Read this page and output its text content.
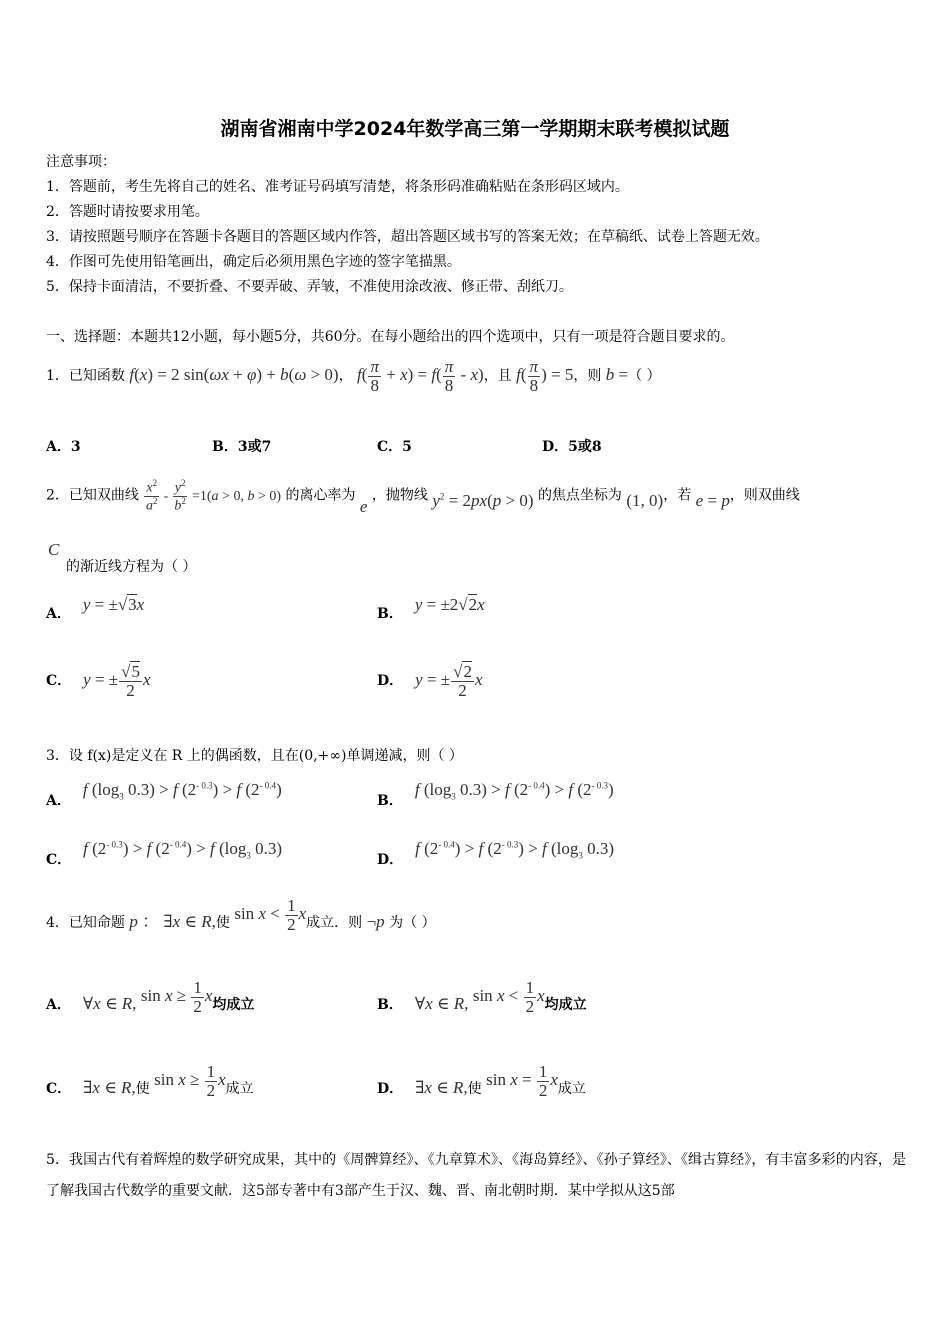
湖南省湘南中学2024年数学高三第一学期期末联考模拟试题
注意事项：
1．答题前，考生先将自己的姓名、准考证号码填写清楚，将条形码准确粘贴在条形码区域内。
2．答题时请按要求用笔。
3．请按照题号顺序在答题卡各题目的答题区域内作答，超出答题区域书写的答案无效；在草稿纸、试卷上答题无效。
4．作图可先使用铅笔画出，确定后必须用黑色字迹的签字笔描黑。
5．保持卡面清洁，不要折叠、不要弄破、弄皱，不准使用涂改液、修正带、刮纸刀。
一、选择题：本题共12小题，每小题5分，共60分。在每小题给出的四个选项中，只有一项是符合题目要求的。
1．已知函数 f(x) = 2 sin(ωx + φ) + b(ω > 0)， $f( \frac{\pi}{8} + x) = f( \frac{\pi}{8} - x)$，且 $f( \frac{\pi}{8}$ ) = 5，则 b =（ ）
A．3	B．3或7	C．5	D．5或8
2．已知双曲线 $\frac{x^2}{a^2} - \frac{y^2}{b^2} =1(a > 0$, b > 0) 的离心率为 e ，抛物线 $y^2 = 2px(p > 0)$ 的焦点坐标为 (1, 0)，若 e = p，则双曲线
C
的渐近线方程为（ ）
A． y = ±√3x	B． y = ±2√2x
C． y = ± $\frac{√5}{2}$ x	D． y = ± $\frac{√2}{2}$ x
3．设 f(x)是定义在 R 上的偶函数，且在(0,+∞)单调递减，则（ ）
A．f ($\log_3$ 0.3) > f $(2^{- 0.3}) > f$ $(2^{- 0.4})$
B．f ($\log_3$ 0.3) > f $(2^{- 0.4}) > f$ $(2^{- 0.3})$
C．f $(2^{- 0.3}) > f$ $(2^{- 0.4}) > f$ ($\log_3$ 0.3)
D．f $(2^{- 0.4}) > f$ $(2^{- 0.3}) > f$ ($\log_3$ 0.3)
4．已知命题 p ： ∃x ∈ R,使 $\sin x < \frac{1}{2}$ x成立．则 ¬p 为（ ）
A． ∀x ∈ R, $\sin x \ge \frac{1}{2}$ x均成立	B． ∀x ∈ R, $\sin x < \frac{1}{2}$ x均成立
C． ∃x ∈ R,使 $\sin x \ge \frac{1}{2}$ x成立	D． ∃x ∈ R,使 $\sin x = \frac{1}{2}$ x成立
5．我国古代有着辉煌的数学研究成果，其中的《周髀算经》、《九章算术》、《海岛算经》、《孙子算经》、《缉古算经》，有丰富多彩的内容，是了解我国古代数学的重要文献．这5部专著中有3部产生于汉、魏、晋、南北朝时期．某中学拟从这5部
